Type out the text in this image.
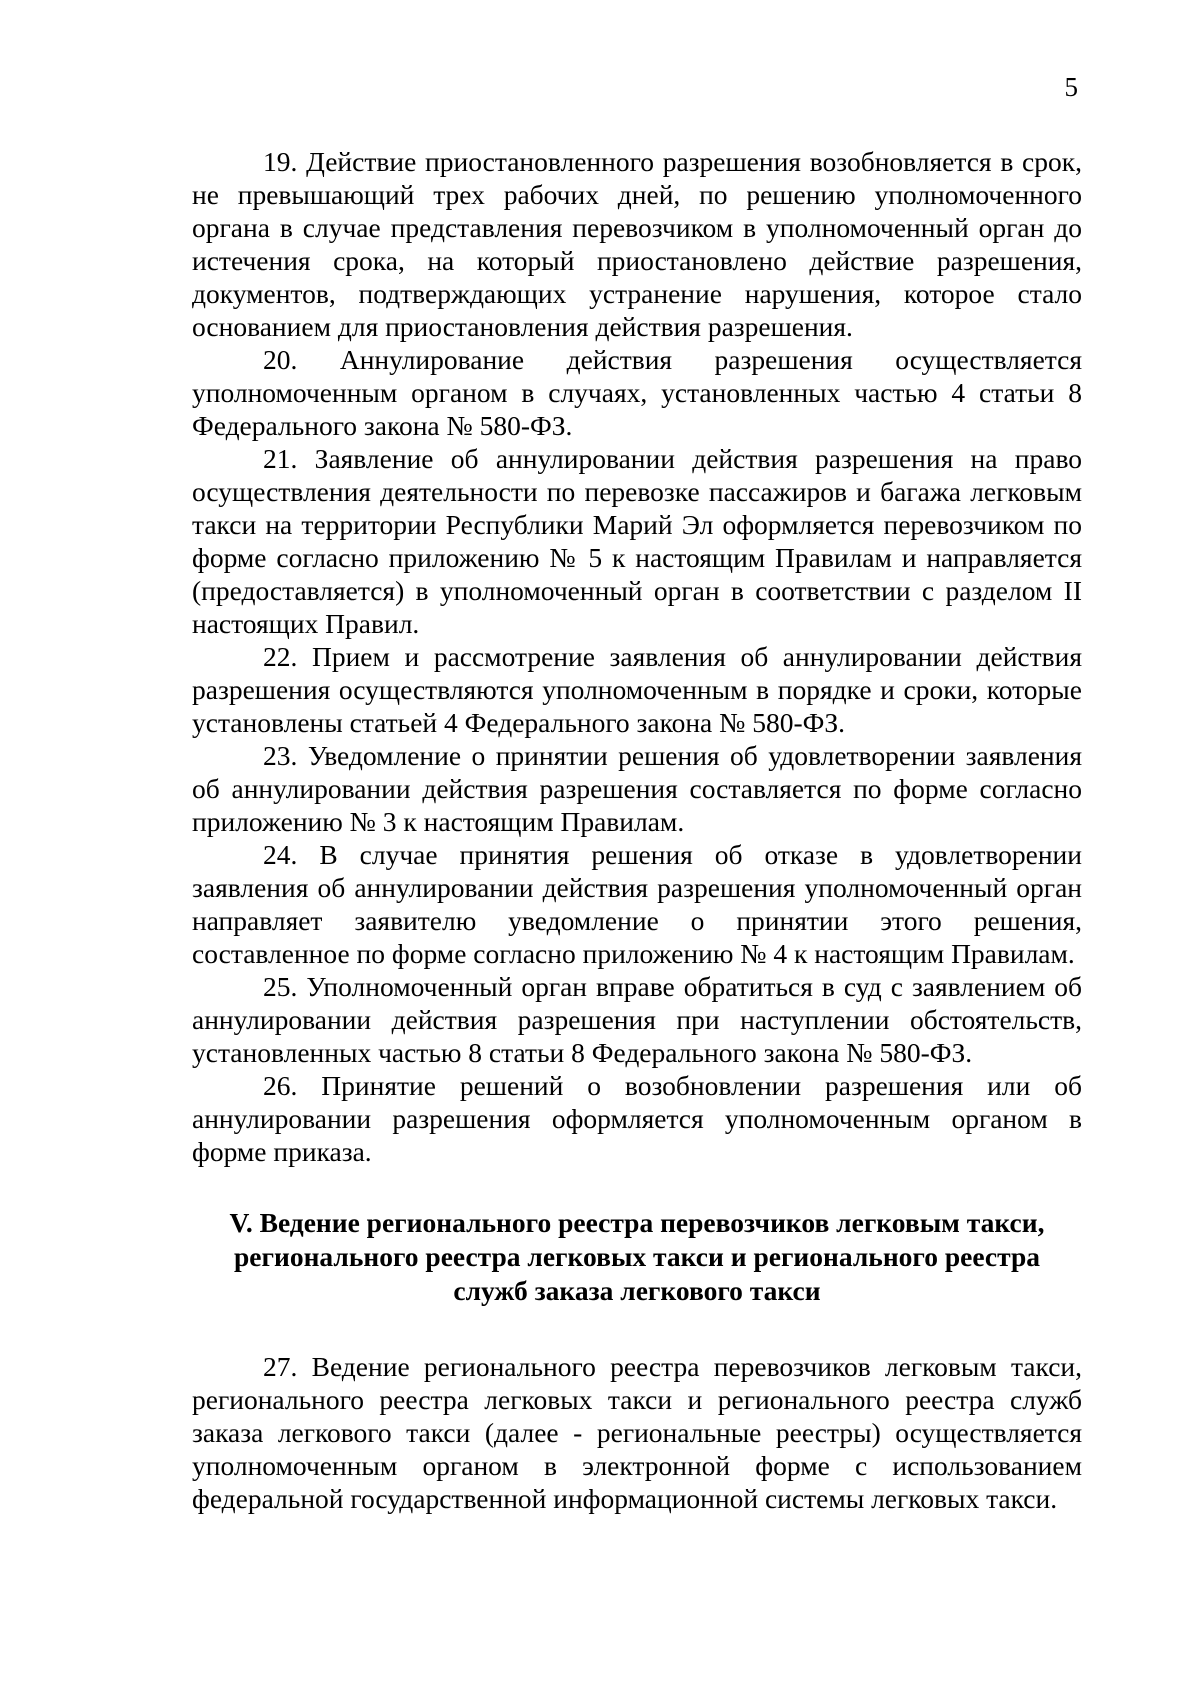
5

19. Действие приостановленного разрешения возобновляется в срок, не превышающий трех рабочих дней, по решению уполномоченного органа в случае представления перевозчиком в уполномоченный орган до истечения срока, на который приостановлено действие разрешения, документов, подтверждающих устранение нарушения, которое стало основанием для приостановления действия разрешения.

20. Аннулирование действия разрешения осуществляется уполномоченным органом в случаях, установленных частью 4 статьи 8 Федерального закона № 580-ФЗ.

21. Заявление об аннулировании действия разрешения на право осуществления деятельности по перевозке пассажиров и багажа легковым такси на территории Республики Марий Эл оформляется перевозчиком по форме согласно приложению № 5 к настоящим Правилам и направляется (предоставляется) в уполномоченный орган в соответствии с разделом II настоящих Правил.

22. Прием и рассмотрение заявления об аннулировании действия разрешения осуществляются уполномоченным в порядке и сроки, которые установлены статьей 4 Федерального закона № 580-ФЗ.

23. Уведомление о принятии решения об удовлетворении заявления об аннулировании действия разрешения составляется по форме согласно приложению № 3 к настоящим Правилам.

24. В случае принятия решения об отказе в удовлетворении заявления об аннулировании действия разрешения уполномоченный орган направляет заявителю уведомление о принятии этого решения, составленное по форме согласно приложению № 4 к настоящим Правилам.

25. Уполномоченный орган вправе обратиться в суд с заявлением об аннулировании действия разрешения при наступлении обстоятельств, установленных частью 8 статьи 8 Федерального закона № 580-ФЗ.

26. Принятие решений о возобновлении разрешения или об аннулировании разрешения оформляется уполномоченным органом в форме приказа.

V. Ведение регионального реестра перевозчиков легковым такси,
регионального реестра легковых такси и регионального реестра
служб заказа легкового такси

27. Ведение регионального реестра перевозчиков легковым такси, регионального реестра легковых такси и регионального реестра служб заказа легкового такси (далее - региональные реестры) осуществляется уполномоченным органом в электронной форме с использованием федеральной государственной информационной системы легковых такси.
